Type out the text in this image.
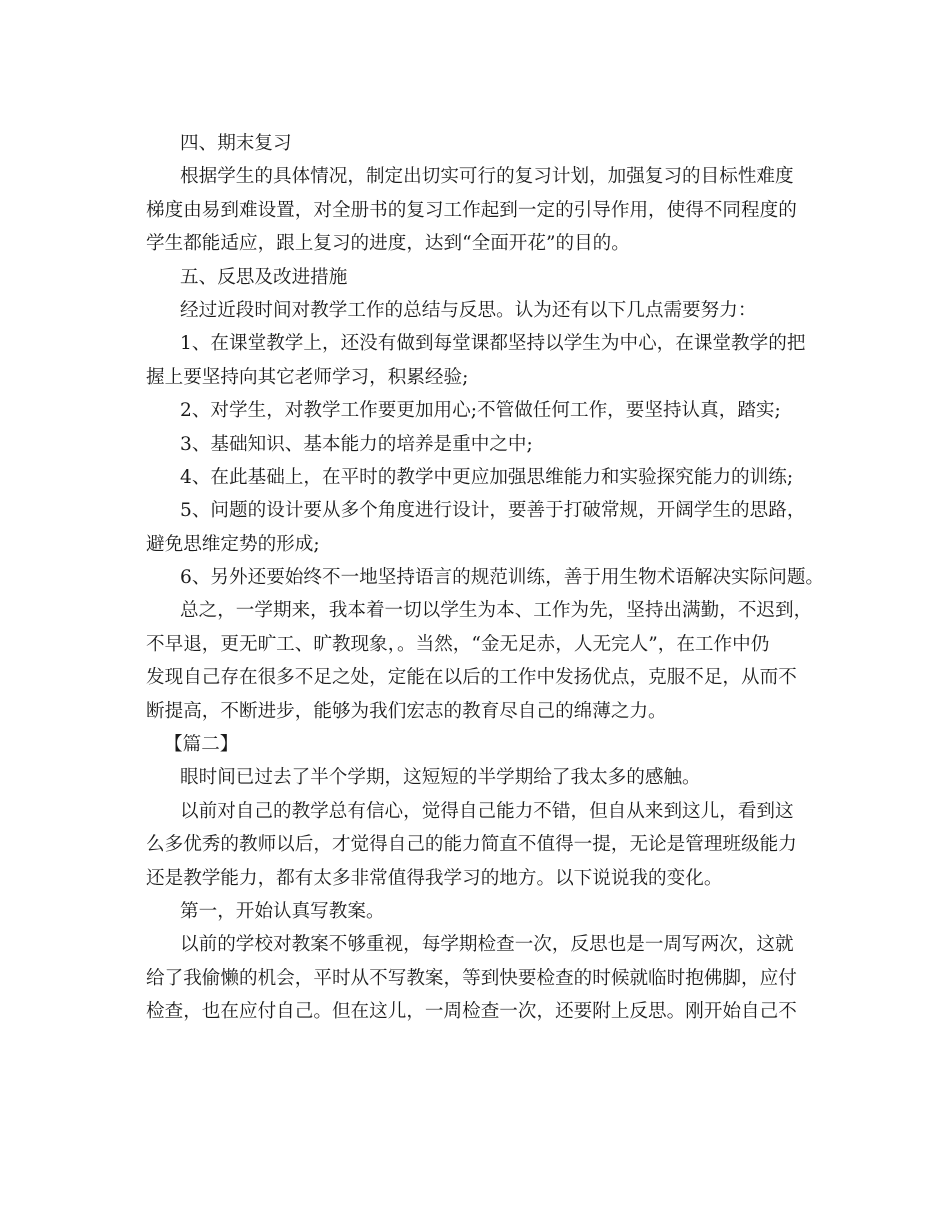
四、期末复习
根据学生的具体情况，制定出切实可行的复习计划，加强复习的目标性难度
梯度由易到难设置，对全册书的复习工作起到一定的引导作用，使得不同程度的
学生都能适应，跟上复习的进度，达到“全面开花”的目的。
五、反思及改进措施
经过近段时间对教学工作的总结与反思。认为还有以下几点需要努力：
1、在课堂教学上，还没有做到每堂课都坚持以学生为中心，在课堂教学的把
握上要坚持向其它老师学习，积累经验;
2、对学生，对教学工作要更加用心;不管做任何工作，要坚持认真，踏实;
3、基础知识、基本能力的培养是重中之中;
4、在此基础上，在平时的教学中更应加强思维能力和实验探究能力的训练;
5、问题的设计要从多个角度进行设计，要善于打破常规，开阔学生的思路，
避免思维定势的形成;
6、另外还要始终不一地坚持语言的规范训练，善于用生物术语解决实际问题。
总之，一学期来，我本着一切以学生为本、工作为先，坚持出满勤，不迟到，
不早退，更无旷工、旷教现象，。当然，“金无足赤，人无完人”，在工作中仍
发现自己存在很多不足之处，定能在以后的工作中发扬优点，克服不足，从而不
断提高，不断进步，能够为我们宏志的教育尽自己的绵薄之力。
【篇二】
眼时间已过去了半个学期，这短短的半学期给了我太多的感触。
以前对自己的教学总有信心，觉得自己能力不错，但自从来到这儿，看到这
么多优秀的教师以后，才觉得自己的能力简直不值得一提，无论是管理班级能力
还是教学能力，都有太多非常值得我学习的地方。以下说说我的变化。
第一，开始认真写教案。
以前的学校对教案不够重视，每学期检查一次，反思也是一周写两次，这就
给了我偷懒的机会，平时从不写教案，等到快要检查的时候就临时抱佛脚，应付
检查，也在应付自己。但在这儿，一周检查一次，还要附上反思。刚开始自己不
